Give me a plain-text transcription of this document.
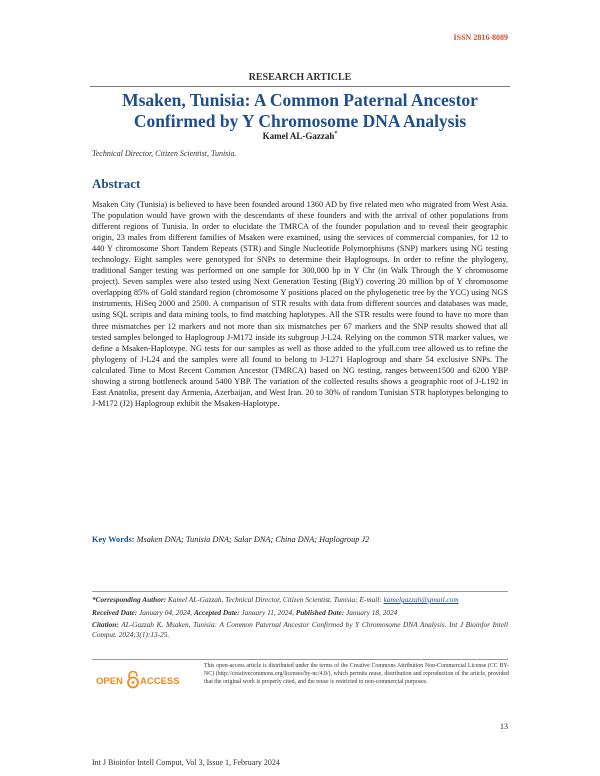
ISSN 2816-8089
RESEARCH ARTICLE
Msaken, Tunisia: A Common Paternal Ancestor
Confirmed by Y Chromosome DNA Analysis
Kamel AL-Gazzah*
Technical Director, Citizen Scientist, Tunisia.
Abstract
Msaken City (Tunisia) is believed to have been founded around 1360 AD by five related men who migrated from West Asia. The population would have grown with the descendants of these founders and with the arrival of other populations from different regions of Tunisia. In order to elucidate the TMRCA of the founder population and to reveal their geographic origin, 23 males from different families of Msaken were examined, using the services of commercial companies, for 12 to 440 Y chromosome Short Tandem Repeats (STR) and Single Nucleotide Polymorphisms (SNP) markers using NG testing technology. Eight samples were genotyped for SNPs to determine their Haplogroups. In order to refine the phylogeny, traditional Sanger testing was performed on one sample for 300,000 bp in Y Chr (in Walk Through the Y chromosome project). Seven samples were also tested using Next Generation Testing (BigY) covering 20 million bp of Y chromosome overlapping 85% of Gold standard region (chromosome Y positions placed on the phylogenetic tree by the YCC) using NGS instruments, HiSeq 2000 and 2500. A comparison of STR results with data from different sources and databases was made, using SQL scripts and data mining tools, to find matching haplotypes. All the STR results were found to have no more than three mismatches per 12 markers and not more than six mismatches per 67 markers and the SNP results showed that all tested samples belonged to Haplogroup J-M172 inside its subgroup J-L24. Relying on the common STR marker values, we define a Msaken-Haplotype. NG tests for our samples as well as those added to the yfull.com tree allowed us to refine the phylogeny of J-L24 and the samples were all found to belong to J-L271 Haplogroup and share 54 exclusive SNPs. The calculated Time to Most Recent Common Ancestor (TMRCA) based on NG testing, ranges between1500 and 6200 YBP showing a strong bottleneck around 5400 YBP. The variation of the collected results shows a geographic root of J-L192 in East Anatolia, present day Armenia, Azerbaijan, and West Iran. 20 to 30% of random Tunisian STR haplotypes belonging to J-M172 (J2) Haplogroup exhibit the Msaken-Haplotype.
Key Words: Msaken DNA; Tunisia DNA; Salar DNA; China DNA; Haplogroup J2

*Corresponding Author: Kamel AL-Gazzah, Technical Director, Citizen Scientist, Tunisia; E-mail: kamelgazzah@gmail.com

Received Date: January 04, 2024, Accepted Date: January 11, 2024, Published Date: January 18, 2024

Citation: AL-Gazzah K. Msaken, Tunisia: A Common Paternal Ancestor Confirmed by Y Chromosome DNA Analysis. Int J Bioinfor Intell Comput. 2024;3(1):13-25.

OPEN ACCESS
This open-access article is distributed under the terms of the Creative Commons Attribution Non-Commercial License (CC BY-NC) (http://creativecommons.org/licenses/by-nc/4.0/), which permits reuse, distribution and reproduction of the article, provided that the original work is properly cited, and the reuse is restricted to non-commercial purposes.
13
Int J Bioinfor Intell Comput, Vol 3, Issue 1, February 2024
